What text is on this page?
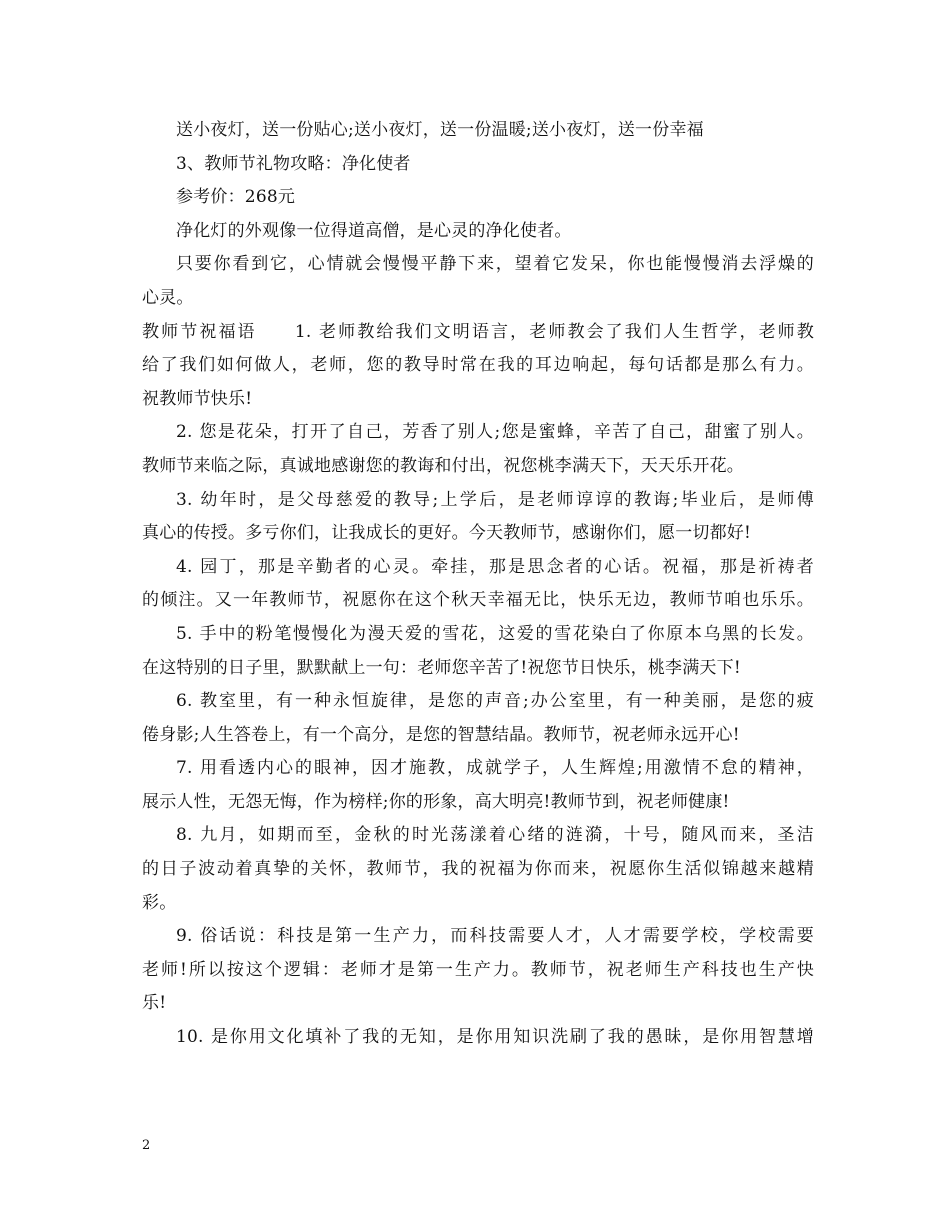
送小夜灯，送一份贴心;送小夜灯，送一份温暖;送小夜灯，送一份幸福
3、教师节礼物攻略：净化使者
参考价：268元
净化灯的外观像一位得道高僧，是心灵的净化使者。
只要你看到它，心情就会慢慢平静下来，望着它发呆，你也能慢慢消去浮燥的
心灵。
教师节祝福语　　1. 老师教给我们文明语言，老师教会了我们人生哲学，老师教
给了我们如何做人，老师，您的教导时常在我的耳边响起，每句话都是那么有力。
祝教师节快乐!
2. 您是花朵，打开了自己，芳香了别人;您是蜜蜂，辛苦了自己，甜蜜了别人。
教师节来临之际，真诚地感谢您的教诲和付出，祝您桃李满天下，天天乐开花。
3. 幼年时，是父母慈爱的教导;上学后，是老师谆谆的教诲;毕业后，是师傅
真心的传授。多亏你们，让我成长的更好。今天教师节，感谢你们，愿一切都好!
4. 园丁，那是辛勤者的心灵。牵挂，那是思念者的心话。祝福，那是祈祷者
的倾注。又一年教师节，祝愿你在这个秋天幸福无比，快乐无边，教师节咱也乐乐。
5. 手中的粉笔慢慢化为漫天爱的雪花，这爱的雪花染白了你原本乌黑的长发。
在这特别的日子里，默默献上一句：老师您辛苦了!祝您节日快乐，桃李满天下!
6. 教室里，有一种永恒旋律，是您的声音;办公室里，有一种美丽，是您的疲
倦身影;人生答卷上，有一个高分，是您的智慧结晶。教师节，祝老师永远开心!
7. 用看透内心的眼神，因才施教，成就学子，人生辉煌;用激情不怠的精神，
展示人性，无怨无悔，作为榜样;你的形象，高大明亮!教师节到，祝老师健康!
8. 九月，如期而至，金秋的时光荡漾着心绪的涟漪，十号，随风而来，圣洁
的日子波动着真挚的关怀，教师节，我的祝福为你而来，祝愿你生活似锦越来越精
彩。
9. 俗话说：科技是第一生产力，而科技需要人才，人才需要学校，学校需要
老师!所以按这个逻辑：老师才是第一生产力。教师节，祝老师生产科技也生产快
乐!
10. 是你用文化填补了我的无知，是你用知识洗刷了我的愚昧，是你用智慧增
2
